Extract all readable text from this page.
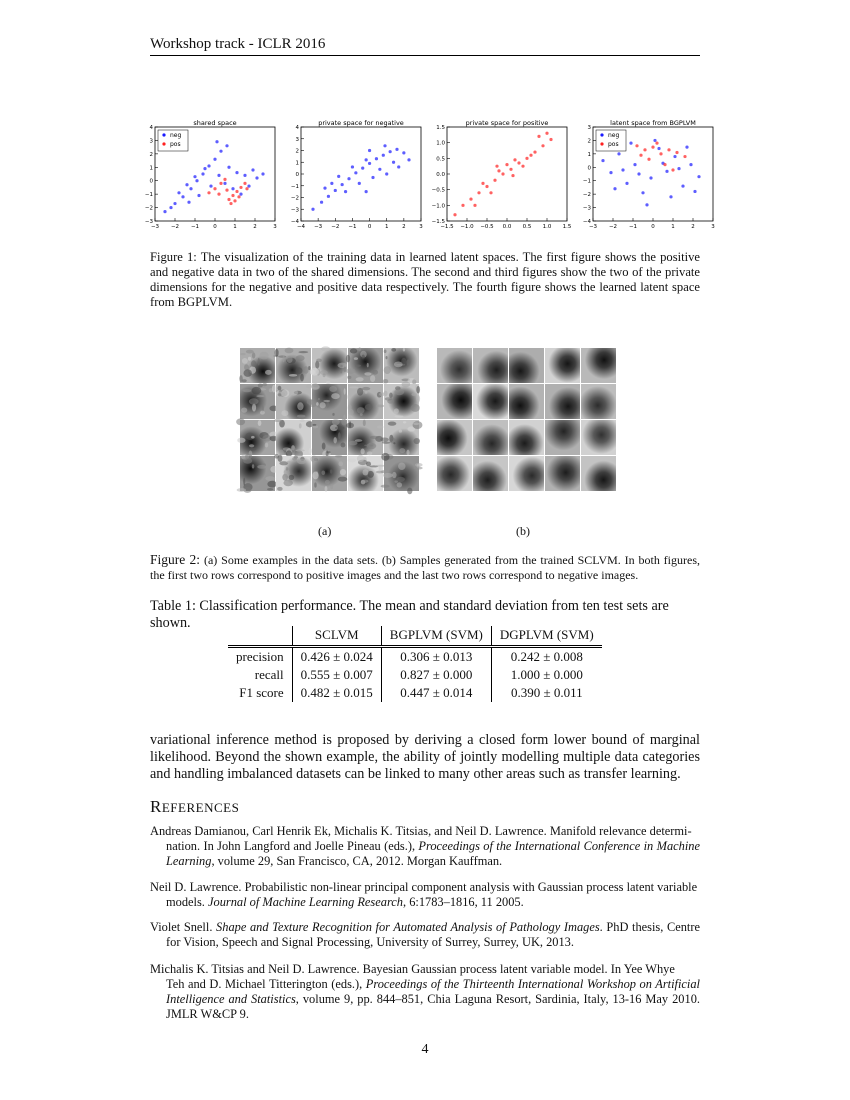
Workshop track - ICLR 2016
shared space
−3 −2 −1	0	1	2	3
−3
−2
−1
0
1
2
3
4
neg
pos
private space for negative
−4 −3 −2 −1 0 1 2 3
−4
−3
−2
−1
0
1
2
3
4
private space for positive
−1.5 −1.0 −0.5 0.0 0.5 1.0 1.5
−1.5
−1.0
−0.5
0.0
0.5
1.0
1.5
latent space from BGPLVM
−3 −2 −1	0	1	2	3
−4
−3
−2
−1
0
1
2
3
neg
pos
Figure 1: The visualization of the training data in learned latent spaces. The first figure shows the positive and negative data in two of the shared dimensions. The second and third figures show the two of the private dimensions for the negative and positive data respectively. The fourth figure shows the learned latent space from BGPLVM.
(a)	(b)
Figure 2: (a) Some examples in the data sets. (b) Samples generated from the trained SCLVM. In both figures, the first two rows correspond to positive images and the last two rows correspond to negative images.
Table 1: Classification performance. The mean and standard deviation from ten test sets are shown.
	SCLVM	BGPLVM (SVM)	DGPLVM (SVM)

precision	0.426 ± 0.024	0.306 ± 0.013	0.242 ± 0.008
recall	0.555 ± 0.007	0.827 ± 0.000	1.000 ± 0.000
F1 score	0.482 ± 0.015	0.447 ± 0.014	0.390 ± 0.011
variational inference method is proposed by deriving a closed form lower bound of marginal likelihood. Beyond the shown example, the ability of jointly modelling multiple data categories and handling imbalanced datasets can be linked to many other areas such as transfer learning.
REFERENCES
Andreas Damianou, Carl Henrik Ek, Michalis K. Titsias, and Neil D. Lawrence. Manifold relevance determi-
nation. In John Langford and Joelle Pineau (eds.), Proceedings of the International Conference in Machine Learning, volume 29, San Francisco, CA, 2012. Morgan Kauffman.
Neil D. Lawrence. Probabilistic non-linear principal component analysis with Gaussian process latent variable
models. Journal of Machine Learning Research, 6:1783–1816, 11 2005.
Violet Snell. Shape and Texture Recognition for Automated Analysis of Pathology Images. PhD thesis, Centre for Vision, Speech and Signal Processing, University of Surrey, Surrey, UK, 2013.
Michalis K. Titsias and Neil D. Lawrence. Bayesian Gaussian process latent variable model. In Yee Whye
Teh and D. Michael Titterington (eds.), Proceedings of the Thirteenth International Workshop on Artificial Intelligence and Statistics, volume 9, pp. 844–851, Chia Laguna Resort, Sardinia, Italy, 13-16 May 2010. JMLR W&CP 9.
4
